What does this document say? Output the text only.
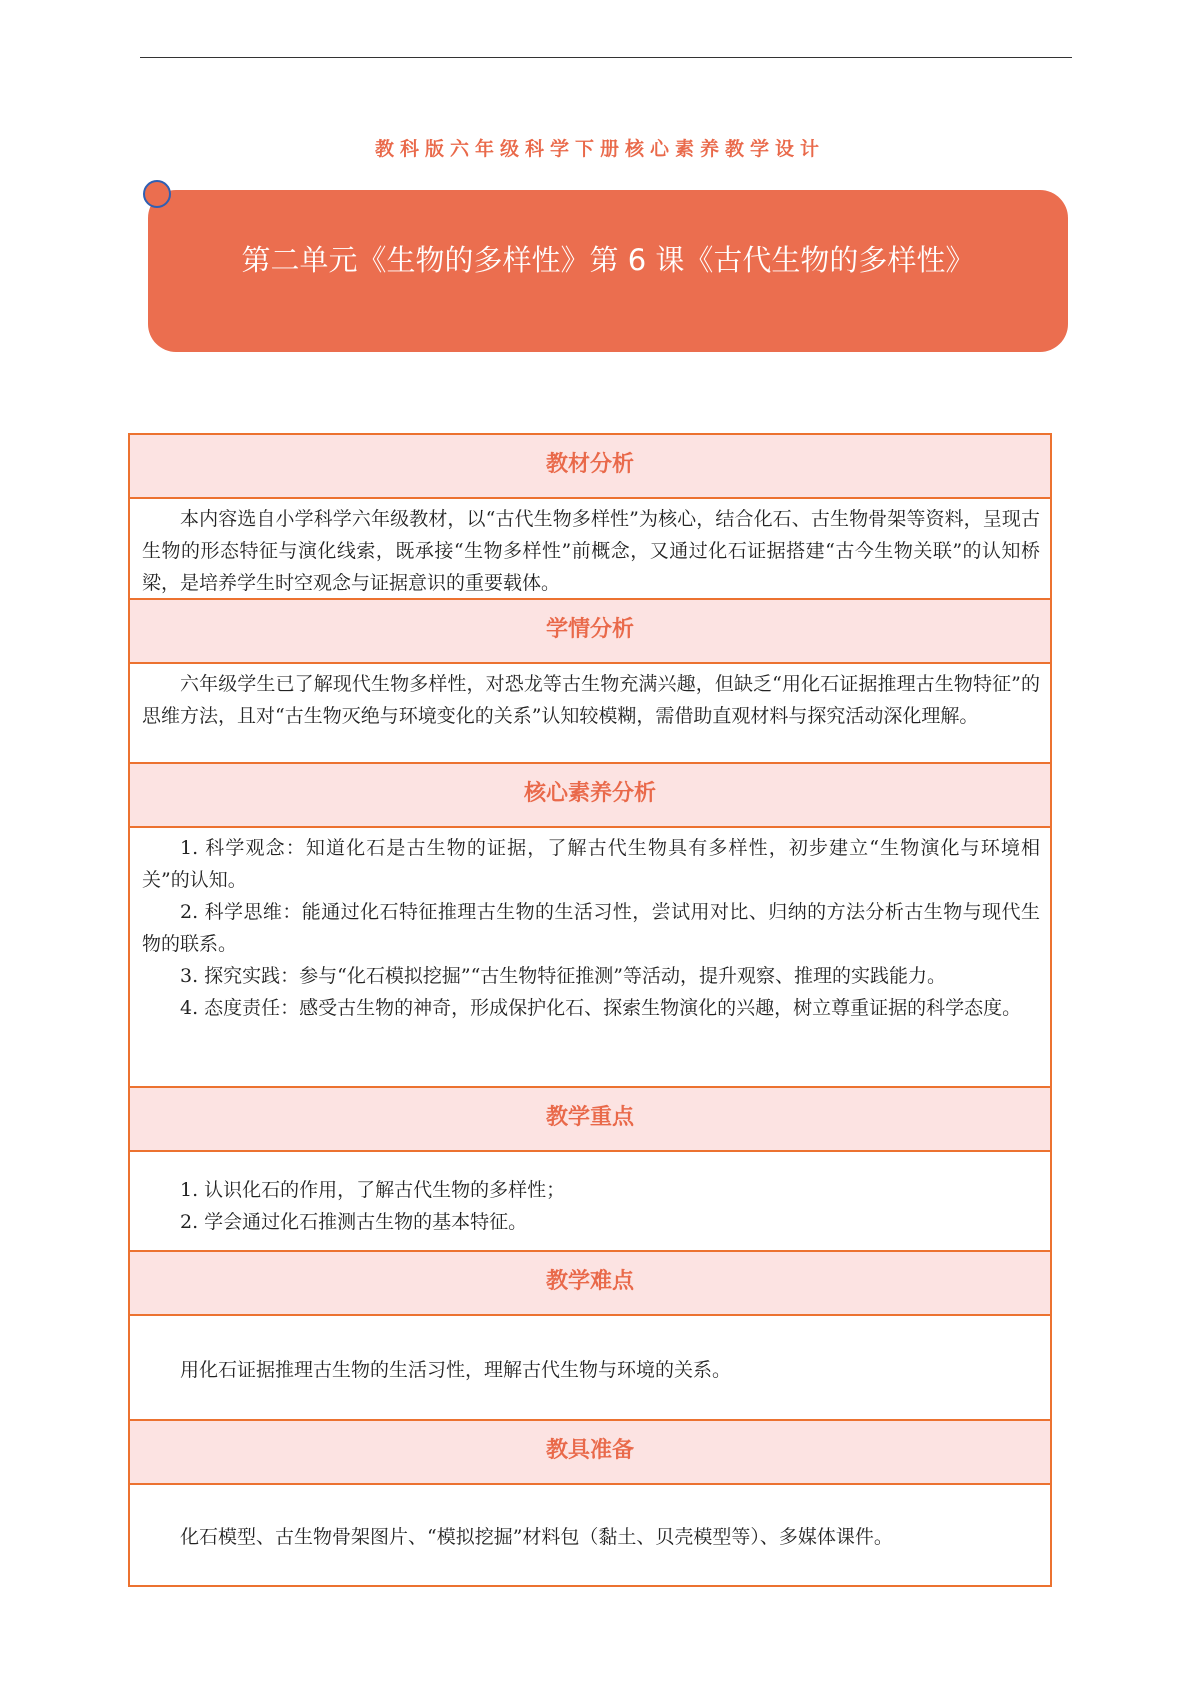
教科版六年级科学下册核心素养教学设计
第二单元《生物的多样性》第 6 课《古代生物的多样性》
教材分析

本内容选自小学科学六年级教材，以“古代生物多样性”为核心，结合化石、古生物骨架等资料，呈现古生物的形态特征与演化线索，既承接“生物多样性”前概念，又通过化石证据搭建“古今生物关联”的认知桥梁，是培养学生时空观念与证据意识的重要载体。

学情分析

六年级学生已了解现代生物多样性，对恐龙等古生物充满兴趣，但缺乏“用化石证据推理古生物特征”的思维方法，且对“古生物灭绝与环境变化的关系”认知较模糊，需借助直观材料与探究活动深化理解。

核心素养分析

1. 科学观念：知道化石是古生物的证据，了解古代生物具有多样性，初步建立“生物演化与环境相关”的认知。

2. 科学思维：能通过化石特征推理古生物的生活习性，尝试用对比、归纳的方法分析古生物与现代生物的联系。

3. 探究实践：参与“化石模拟挖掘”“古生物特征推测”等活动，提升观察、推理的实践能力。

4. 态度责任：感受古生物的神奇，形成保护化石、探索生物演化的兴趣，树立尊重证据的科学态度。

教学重点

1. 认识化石的作用，了解古代生物的多样性；

2. 学会通过化石推测古生物的基本特征。

教学难点

用化石证据推理古生物的生活习性，理解古代生物与环境的关系。

教具准备

化石模型、古生物骨架图片、“模拟挖掘”材料包（黏土、贝壳模型等）、多媒体课件。
